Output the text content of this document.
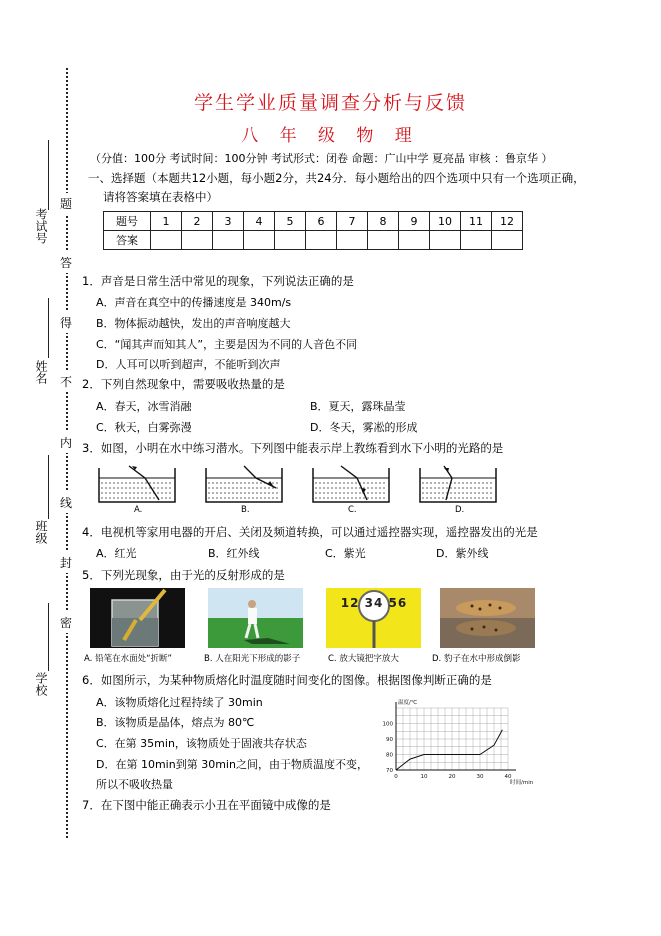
考试号
姓名
班级
学校
题
答
得
不
内
线
封
密
学生学业质量调查分析与反馈
八 年 级 物 理
（分值：100分 考试时间：100分钟 考试形式：闭卷 命题：广山中学 夏亮晶 审核 ：鲁京华 ）
一、选择题（本题共12小题，每小题2分，共24分．每小题给出的四个选项中只有一个选项正确，
请将答案填在表格中）
题号	1	2	3	4	5	6	7	8	9	10	11	12
答案												
1．声音是日常生活中常见的现象，下列说法正确的是
A．声音在真空中的传播速度是 340m/s
B．物体振动越快，发出的声音响度越大
C．“闻其声而知其人”，主要是因为不同的人音色不同
D．人耳可以听到超声，不能听到次声
2．下列自然现象中，需要吸收热量的是
A．春天，冰雪消融	B．夏天，露珠晶莹
C．秋天，白雾弥漫	D．冬天，雾凇的形成
3．如图，小明在水中练习潜水。下列图中能表示岸上教练看到水下小明的光路的是
A.	B.	C.	D.
4．电视机等家用电器的开启、关闭及频道转换，可以通过遥控器实现，遥控器发出的光是
A．红光	B．红外线	C．紫光	D．紫外线
5．下列光现象，由于光的反射形成的是
12 34 56
A. 铅笔在水面处“折断”	B. 人在阳光下形成的影子	C. 放大镜把字放大	D. 豹子在水中形成倒影
6．如图所示，为某种物质熔化时温度随时间变化的图像。根据图像判断正确的是
A．该物质熔化过程持续了 30min
B．该物质是晶体，熔点为 80℃
C．在第 35min，该物质处于固液共存状态
D．在第 10min到第 30min之间，由于物质温度不变，
所以不吸收热量
温度/℃
时间/min
0	10	20	30	40
70
80
90
100
7．在下图中能正确表示小丑在平面镜中成像的是
